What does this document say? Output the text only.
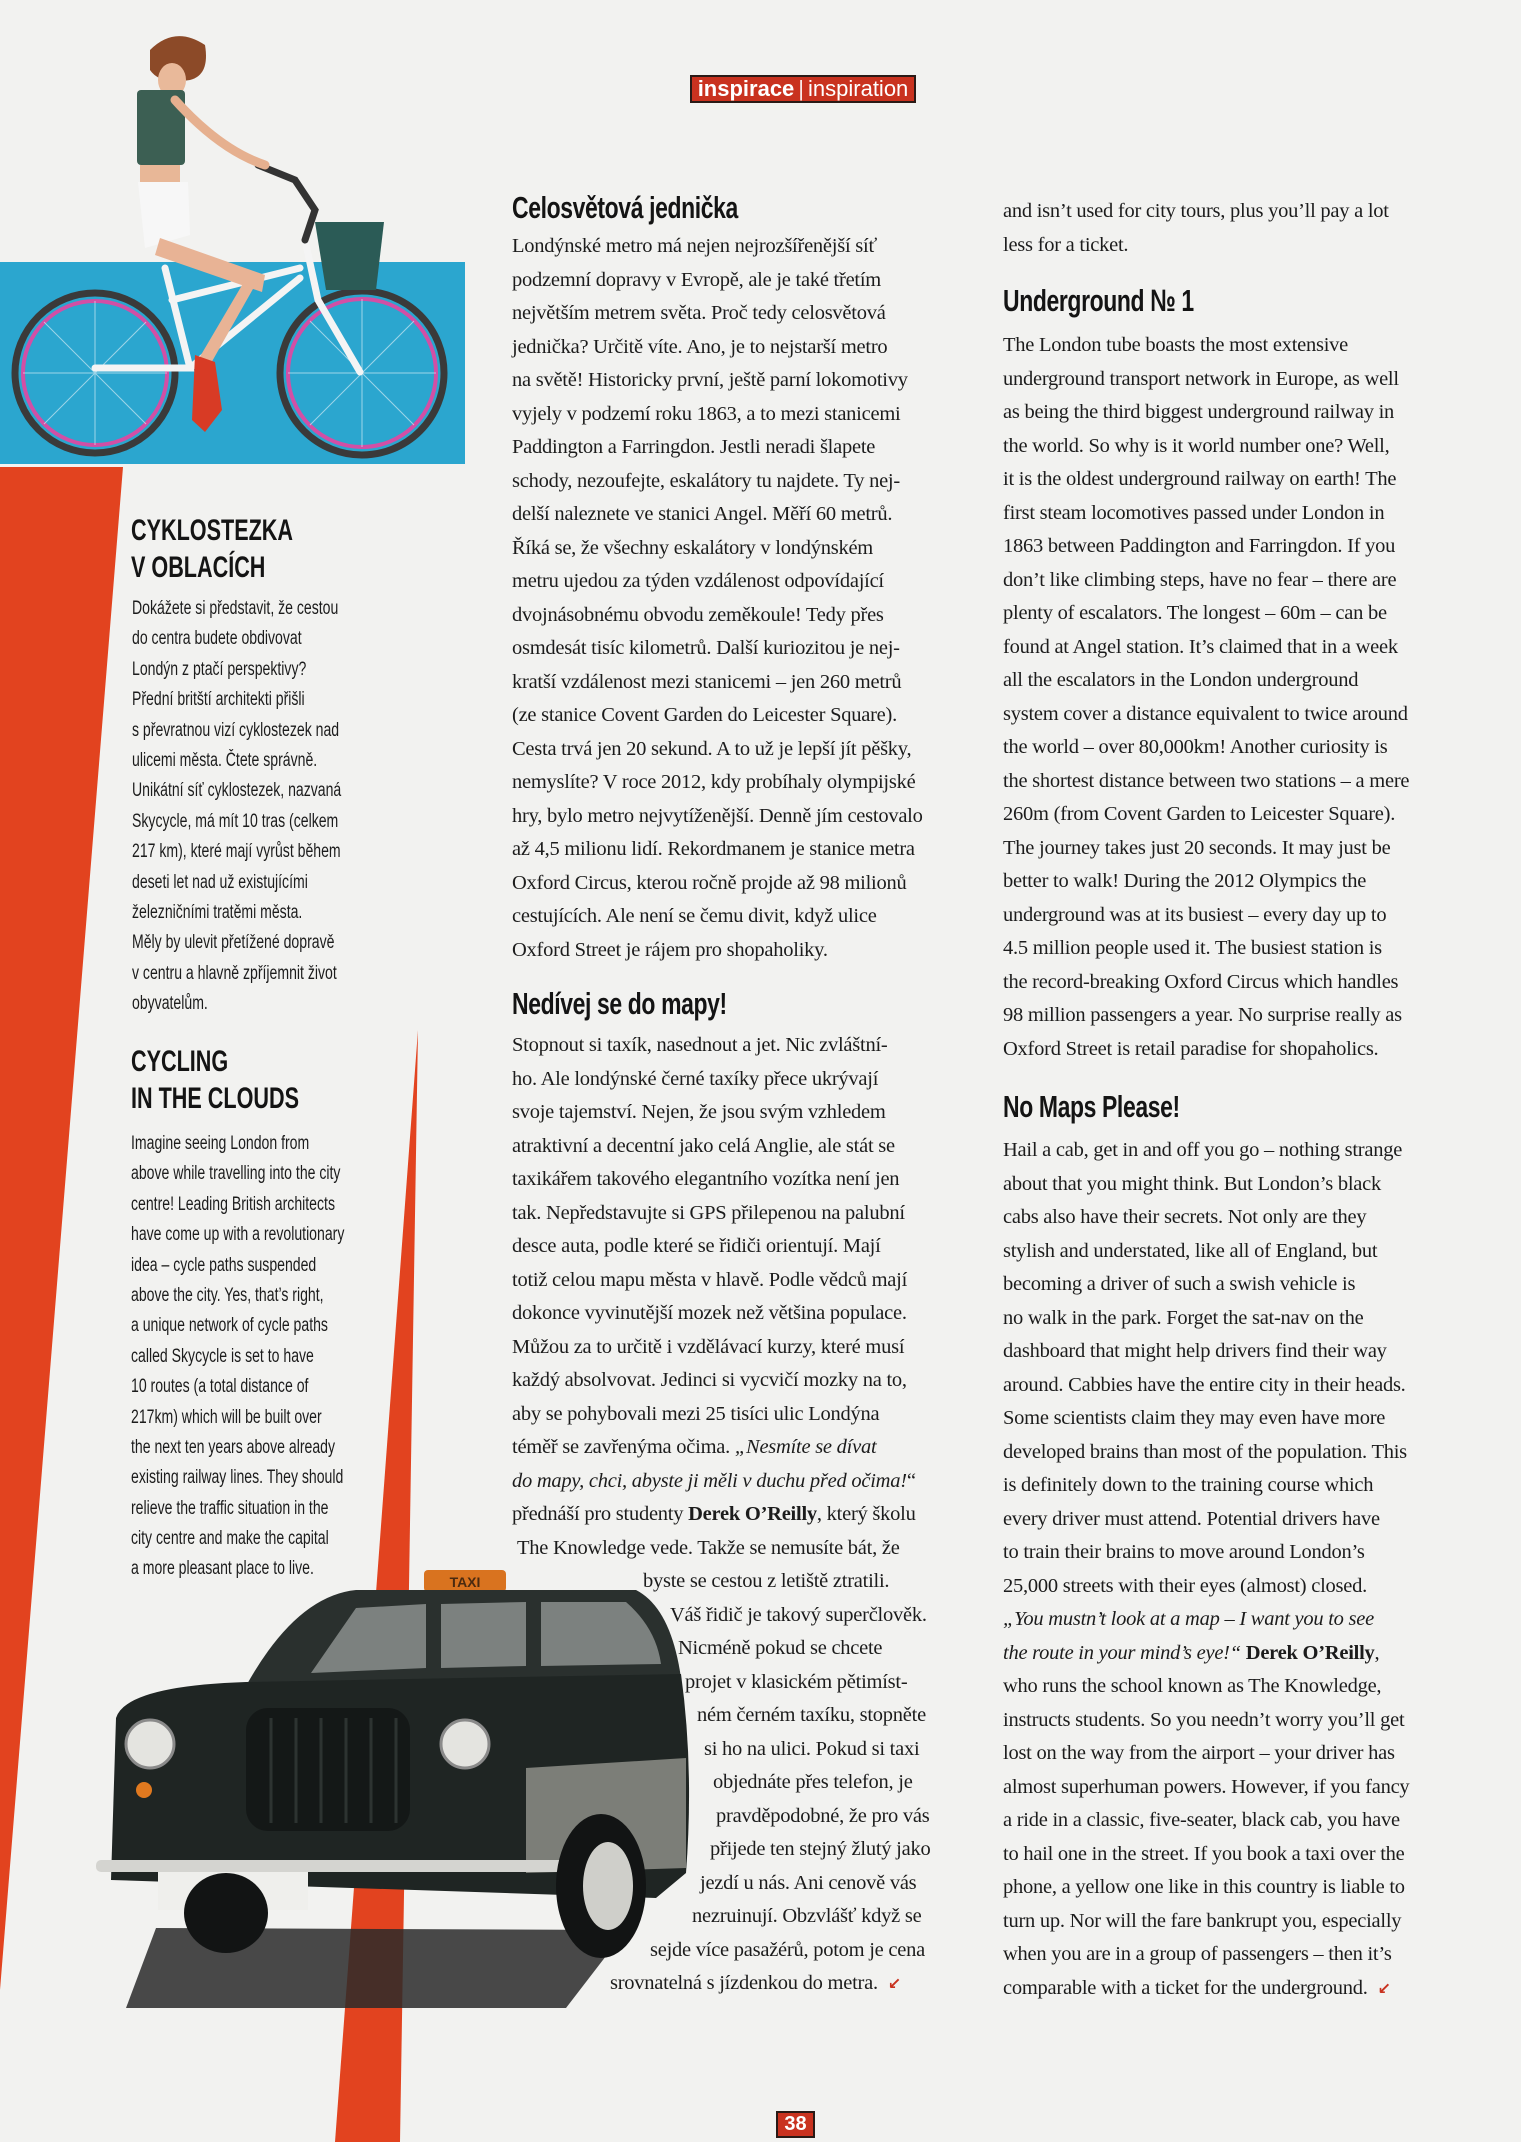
inspirace | inspiration
CYKLOSTEZKA
V OBLACÍCH
Dokážete si představit, že cestou
do centra budete obdivovat
Londýn z ptačí perspektivy?
Přední britští architekti přišli
s převratnou vizí cyklostezek nad
ulicemi města. Čtete správně.
Unikátní síť cyklostezek, nazvaná
Skycycle, má mít 10 tras (celkem
217 km), které mají vyrůst během
deseti let nad už existujícími
železničními tratěmi města.
Měly by ulevit přetížené dopravě
v centru a hlavně zpříjemnit život
obyvatelům.
CYCLING
IN THE CLOUDS
Imagine seeing London from
above while travelling into the city
centre! Leading British architects
have come up with a revolutionary
idea – cycle paths suspended
above the city. Yes, that’s right,
a unique network of cycle paths
called Skycycle is set to have
10 routes (a total distance of
217km) which will be built over
the next ten years above already
existing railway lines. They should
relieve the traffic situation in the
city centre and make the capital
a more pleasant place to live.
Celosvětová jednička
Londýnské metro má nejen nejrozšířenější síť
podzemní dopravy v Evropě, ale je také třetím
největším metrem světa. Proč tedy celosvětová
jednička? Určitě víte. Ano, je to nejstarší metro
na světě! Historicky první, ještě parní lokomotivy
vyjely v podzemí roku 1863, a to mezi stanicemi
Paddington a Farringdon. Jestli neradi šlapete
schody, nezoufejte, eskalátory tu najdete. Ty nej-
delší naleznete ve stanici Angel. Měří 60 metrů.
Říká se, že všechny eskalátory v londýnském
metru ujedou za týden vzdálenost odpovídající
dvojnásobnému obvodu zeměkoule! Tedy přes
osmdesát tisíc kilometrů. Další kuriozitou je nej-
kratší vzdálenost mezi stanicemi – jen 260 metrů
(ze stanice Covent Garden do Leicester Square).
Cesta trvá jen 20 sekund. A to už je lepší jít pěšky,
nemyslíte? V roce 2012, kdy probíhaly olympijské
hry, bylo metro nejvytíženější. Denně jím cestovalo
až 4,5 milionu lidí. Rekordmanem je stanice metra
Oxford Circus, kterou ročně projde až 98 milionů
cestujících. Ale není se čemu divit, když ulice
Oxford Street je rájem pro shopaholiky.
Nedívej se do mapy!
Stopnout si taxík, nasednout a jet. Nic zvláštní-
ho. Ale londýnské černé taxíky přece ukrývají
svoje tajemství. Nejen, že jsou svým vzhledem
atraktivní a decentní jako celá Anglie, ale stát se
taxikářem takového elegantního vozítka není jen
tak. Nepředstavujte si GPS přilepenou na palubní
desce auta, podle které se řidiči orientují. Mají
totiž celou mapu města v hlavě. Podle vědců mají
dokonce vyvinutější mozek než většina populace.
Můžou za to určitě i vzdělávací kurzy, které musí
každý absolvovat. Jedinci si vycvičí mozky na to,
aby se pohybovali mezi 25 tisíci ulic Londýna
téměř se zavřenýma očima. „Nesmíte se dívat
do mapy, chci, abyste ji měli v duchu před očima!“
přednáší pro studenty Derek O’Reilly, který školu
The Knowledge vede. Takže se nemusíte bát, že
byste se cestou z letiště ztratili.
Váš řidič je takový superčlověk.
Nicméně pokud se chcete
projet v klasickém pětimíst-
ném černém taxíku, stopněte
si ho na ulici. Pokud si taxi
objednáte přes telefon, je
pravděpodobné, že pro vás
přijede ten stejný žlutý jako
jezdí u nás. Ani cenově vás
nezruinují. Obzvlášť když se
sejde více pasažérů, potom je cena
srovnatelná s jízdenkou do metra. ↙
and isn’t used for city tours, plus you’ll pay a lot
less for a ticket.
Underground № 1
The London tube boasts the most extensive
underground transport network in Europe, as well
as being the third biggest underground railway in
the world. So why is it world number one? Well,
it is the oldest underground railway on earth! The
first steam locomotives passed under London in
1863 between Paddington and Farringdon. If you
don’t like climbing steps, have no fear – there are
plenty of escalators. The longest – 60m – can be
found at Angel station. It’s claimed that in a week
all the escalators in the London underground
system cover a distance equivalent to twice around
the world – over 80,000km! Another curiosity is
the shortest distance between two stations – a mere
260m (from Covent Garden to Leicester Square).
The journey takes just 20 seconds. It may just be
better to walk! During the 2012 Olympics the
underground was at its busiest – every day up to
4.5 million people used it. The busiest station is
the record-breaking Oxford Circus which handles
98 million passengers a year. No surprise really as
Oxford Street is retail paradise for shopaholics.
No Maps Please!
Hail a cab, get in and off you go – nothing strange
about that you might think. But London’s black
cabs also have their secrets. Not only are they
stylish and understated, like all of England, but
becoming a driver of such a swish vehicle is
no walk in the park. Forget the sat-nav on the
dashboard that might help drivers find their way
around. Cabbies have the entire city in their heads.
Some scientists claim they may even have more
developed brains than most of the population. This
is definitely down to the training course which
every driver must attend. Potential drivers have
to train their brains to move around London’s
25,000 streets with their eyes (almost) closed.
„You mustn’t look at a map – I want you to see
the route in your mind’s eye!“ Derek O’Reilly,
who runs the school known as The Knowledge,
instructs students. So you needn’t worry you’ll get
lost on the way from the airport – your driver has
almost superhuman powers. However, if you fancy
a ride in a classic, five-seater, black cab, you have
to hail one in the street. If you book a taxi over the
phone, a yellow one like in this country is liable to
turn up. Nor will the fare bankrupt you, especially
when you are in a group of passengers – then it’s
comparable with a ticket for the underground. ↙
TAXI
38
